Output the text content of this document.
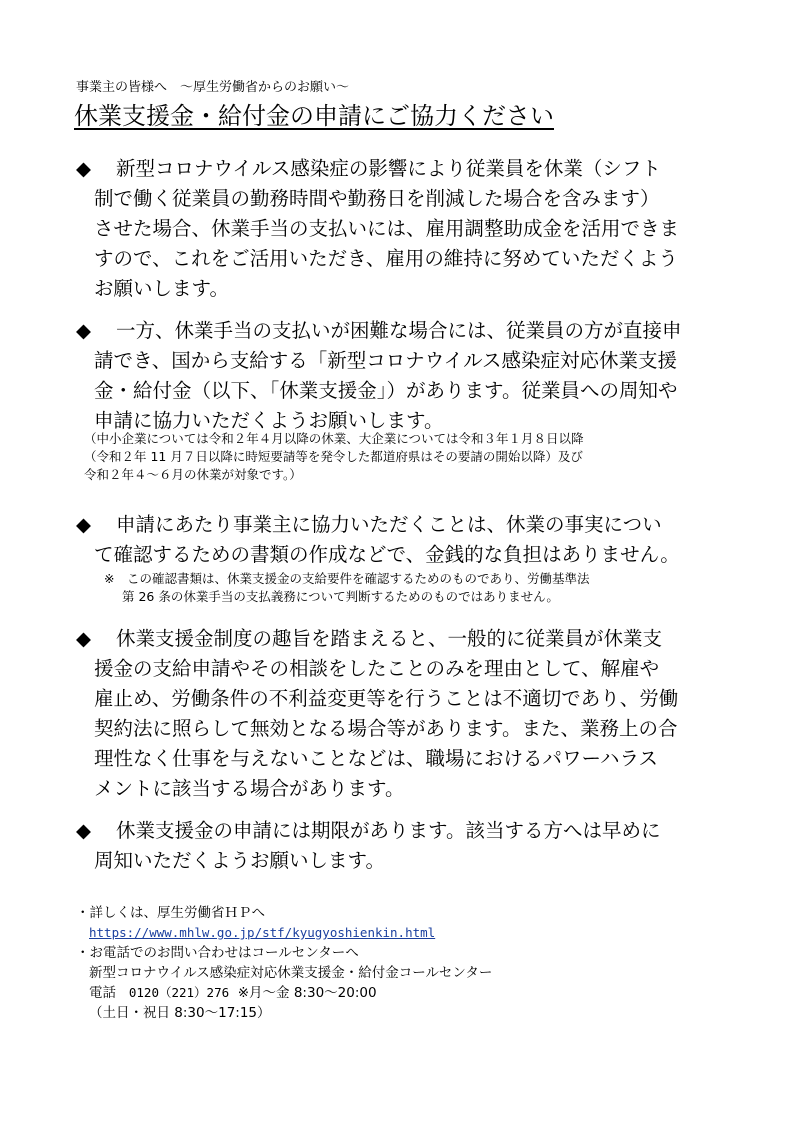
事業主の皆様へ　～厚生労働省からのお願い～
休業支援金・給付金の申請にご協力ください
◆ 新型コロナウイルス感染症の影響により従業員を休業（シフト
制で働く従業員の勤務時間や勤務日を削減した場合を含みます）
させた場合、休業手当の支払いには、雇用調整助成金を活用できま
すので、これをご活用いただき、雇用の維持に努めていただくよう
お願いします。
◆ 一方、休業手当の支払いが困難な場合には、従業員の方が直接申
請でき、国から支給する「新型コロナウイルス感染症対応休業支援
金・給付金（以下、「休業支援金」）があります。従業員への周知や
申請に協力いただくようお願いします。
（中小企業については令和２年４月以降の休業、大企業については令和３年１月８日以降
（令和２年 11 月７日以降に時短要請等を発令した都道府県はその要請の開始以降）及び
令和２年４～６月の休業が対象です。）
◆ 申請にあたり事業主に協力いただくことは、休業の事実につい
て確認するための書類の作成などで、金銭的な負担はありません。
※　この確認書類は、休業支援金の支給要件を確認するためのものであり、労働基準法
第 26 条の休業手当の支払義務について判断するためのものではありません。
◆ 休業支援金制度の趣旨を踏まえると、一般的に従業員が休業支
援金の支給申請やその相談をしたことのみを理由として、解雇や
雇止め、労働条件の不利益変更等を行うことは不適切であり、労働
契約法に照らして無効となる場合等があります。また、業務上の合
理性なく仕事を与えないことなどは、職場におけるパワーハラス
メントに該当する場合があります。
◆ 休業支援金の申請には期限があります。該当する方へは早めに
周知いただくようお願いします。
・詳しくは、厚生労働省ＨＰへ
https://www.mhlw.go.jp/stf/kyugyoshienkin.html
・お電話でのお問い合わせはコールセンターへ
新型コロナウイルス感染症対応休業支援金・給付金コールセンター
電話 0120（221）276 ※月～金 8:30～20:00
（土日・祝日 8:30～17:15）
